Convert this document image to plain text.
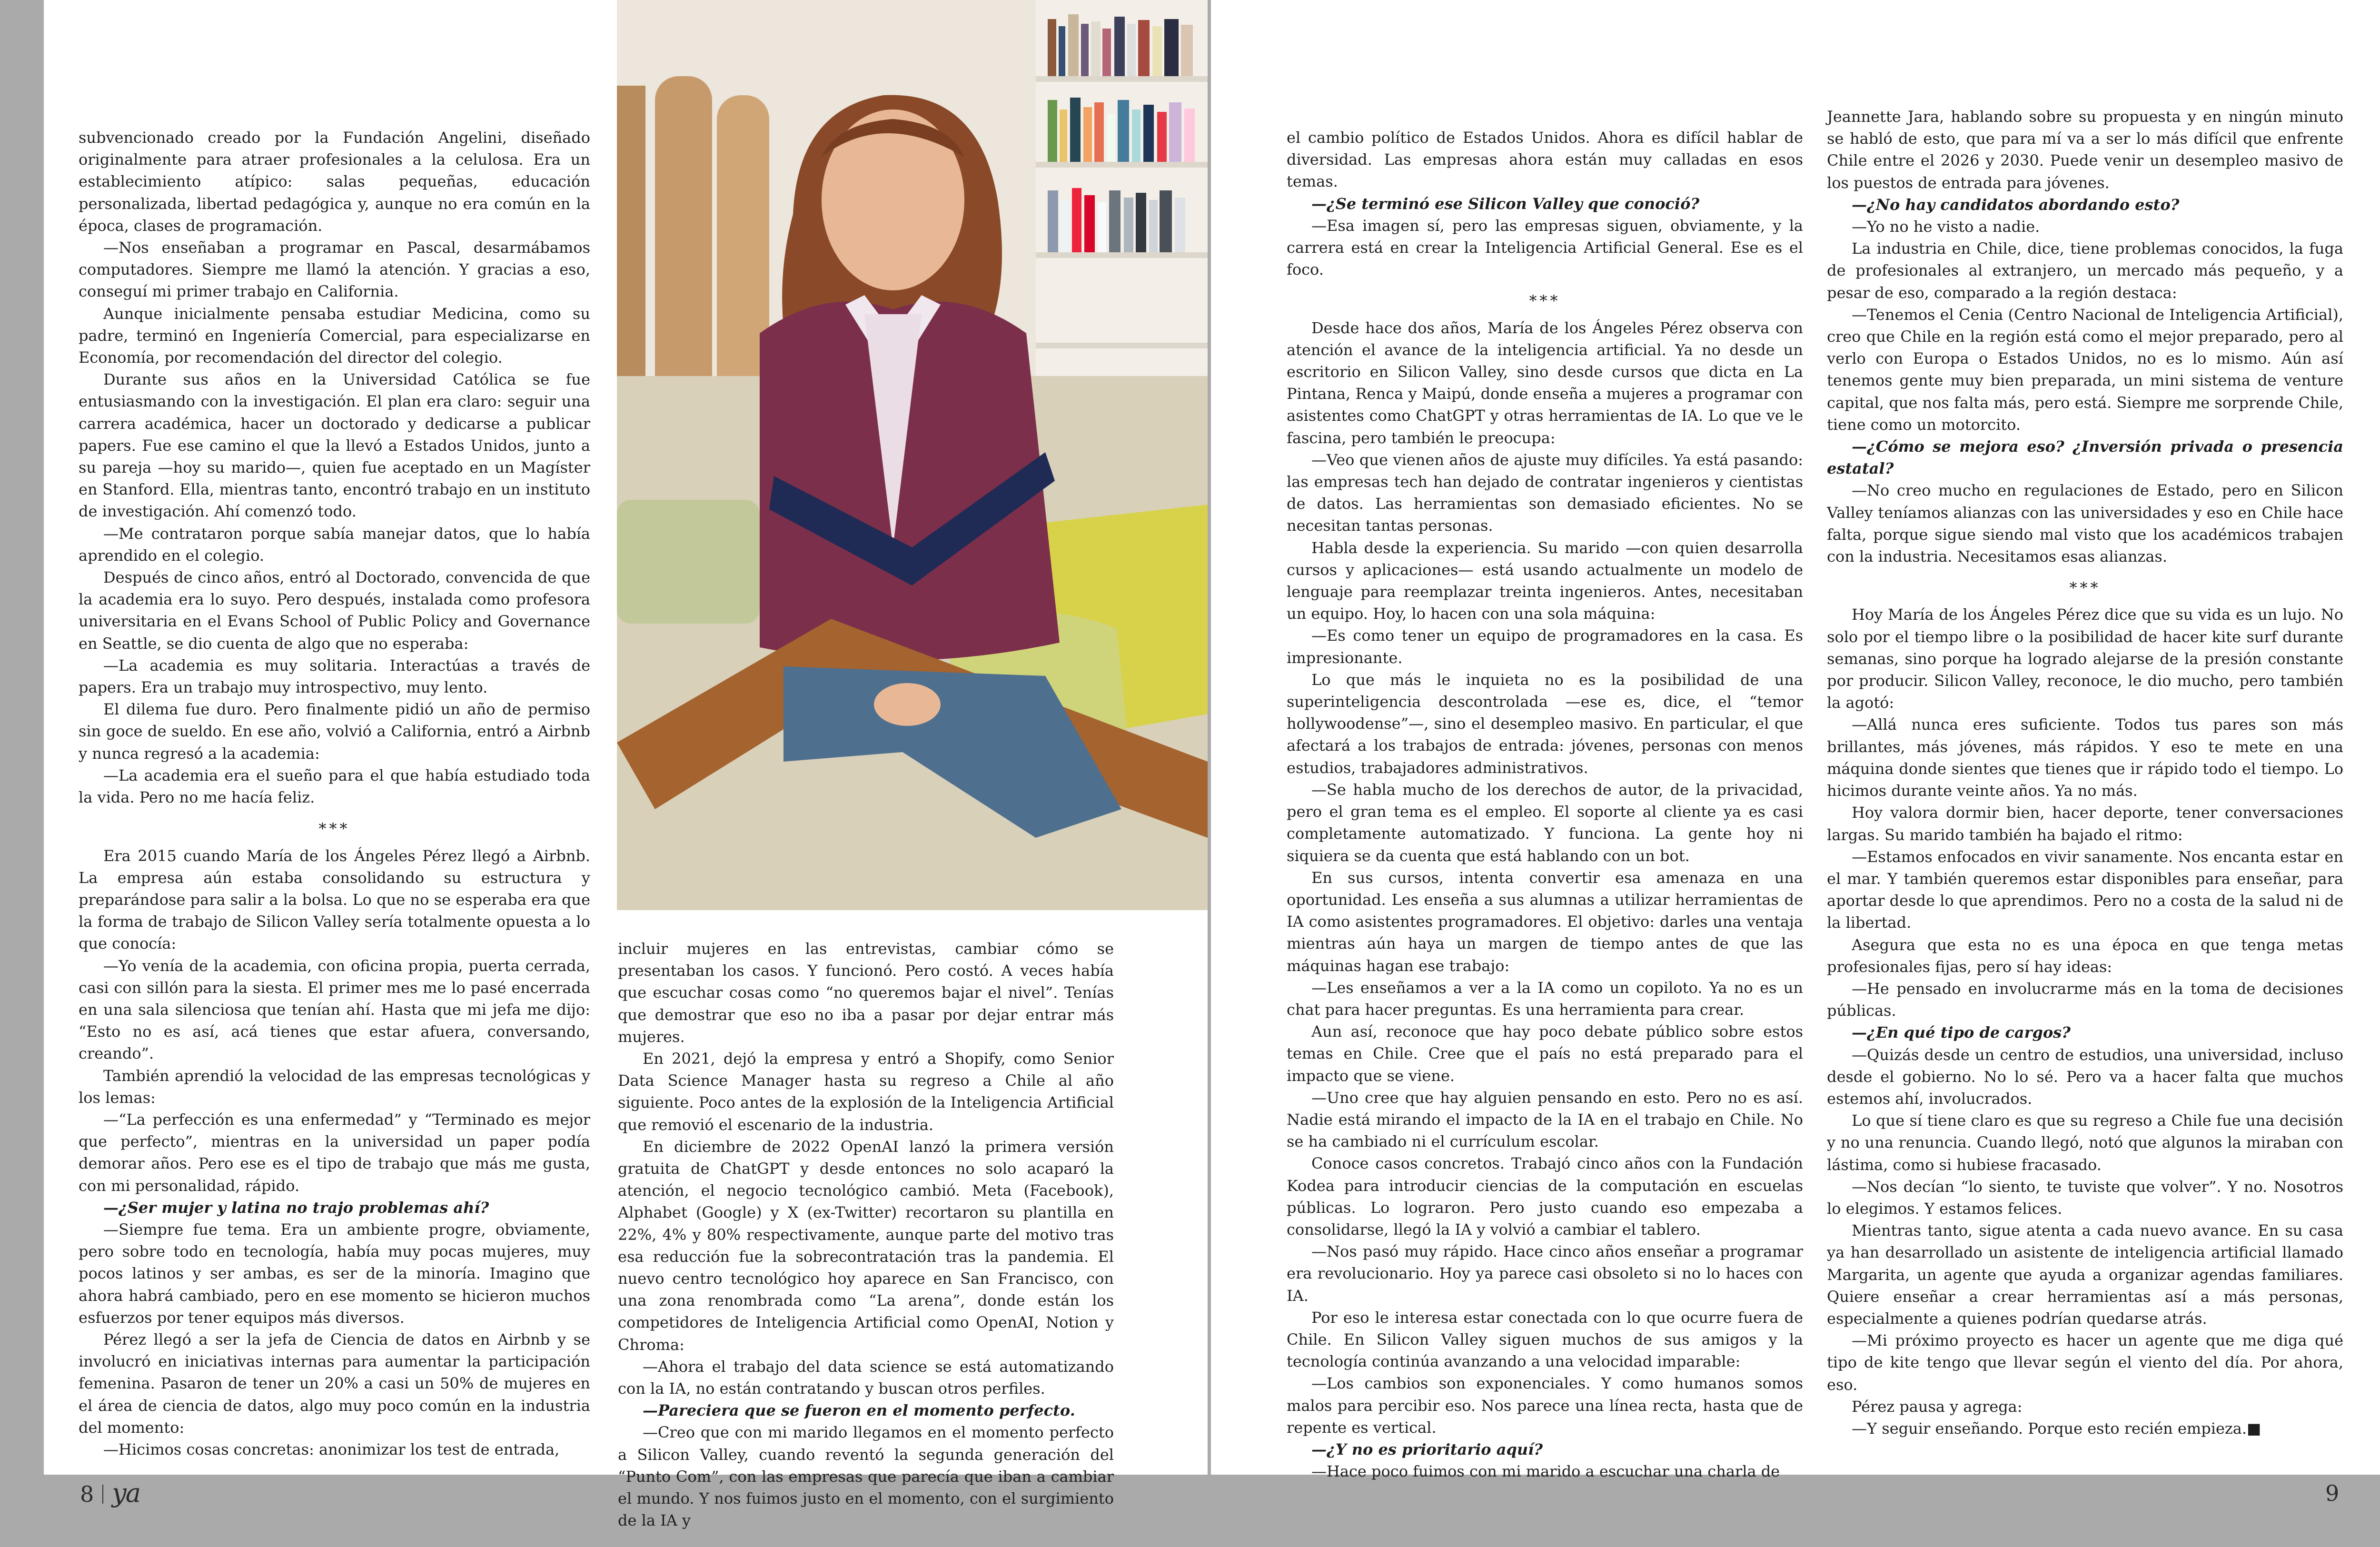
subvencionado creado por la Fundación Angelini, diseñado originalmente para atraer profesionales a la celulosa. Era un establecimiento atípico: salas pequeñas, educación personalizada, libertad pedagógica y, aunque no era común en la época, clases de programación.

—Nos enseñaban a programar en Pascal, desarmábamos computadores. Siempre me llamó la atención. Y gracias a eso, conseguí mi primer trabajo en California.

Aunque inicialmente pensaba estudiar Medicina, como su padre, terminó en Ingeniería Comercial, para especializarse en Economía, por recomendación del director del colegio.

Durante sus años en la Universidad Católica se fue entusiasmando con la investigación. El plan era claro: seguir una carrera académica, hacer un doctorado y dedicarse a publicar papers. Fue ese camino el que la llevó a Estados Unidos, junto a su pareja —hoy su marido—, quien fue aceptado en un Magíster en Stanford. Ella, mientras tanto, encontró trabajo en un instituto de investigación. Ahí comenzó todo.

—Me contrataron porque sabía manejar datos, que lo había aprendido en el colegio.

Después de cinco años, entró al Doctorado, convencida de que la academia era lo suyo. Pero después, instalada como profesora universitaria en el Evans School of Public Policy and Governance en Seattle, se dio cuenta de algo que no esperaba:

—La academia es muy solitaria. Interactúas a través de papers. Era un trabajo muy introspectivo, muy lento.

El dilema fue duro. Pero finalmente pidió un año de permiso sin goce de sueldo. En ese año, volvió a California, entró a Airbnb y nunca regresó a la academia:

—La academia era el sueño para el que había estudiado toda la vida. Pero no me hacía feliz.

***

Era 2015 cuando María de los Ángeles Pérez llegó a Airbnb. La empresa aún estaba consolidando su estructura y preparándose para salir a la bolsa. Lo que no se esperaba era que la forma de trabajo de Silicon Valley sería totalmente opuesta a lo que conocía:

—Yo venía de la academia, con oficina propia, puerta cerrada, casi con sillón para la siesta. El primer mes me lo pasé encerrada en una sala silenciosa que tenían ahí. Hasta que mi jefa me dijo: “Esto no es así, acá tienes que estar afuera, conversando, creando”.

También aprendió la velocidad de las empresas tecnológicas y los lemas:

—“La perfección es una enfermedad” y “Terminado es mejor que perfecto”, mientras en la universidad un paper podía demorar años. Pero ese es el tipo de trabajo que más me gusta, con mi personalidad, rápido.

—¿Ser mujer y latina no trajo problemas ahí?

—Siempre fue tema. Era un ambiente progre, obviamente, pero sobre todo en tecnología, había muy pocas mujeres, muy pocos latinos y ser ambas, es ser de la minoría. Imagino que ahora habrá cambiado, pero en ese momento se hicieron muchos esfuerzos por tener equipos más diversos.

Pérez llegó a ser la jefa de Ciencia de datos en Airbnb y se involucró en iniciativas internas para aumentar la participación femenina. Pasaron de tener un 20% a casi un 50% de mujeres en el área de ciencia de datos, algo muy poco común en la industria del momento:

—Hicimos cosas concretas: anonimizar los test de entrada,

incluir mujeres en las entrevistas, cambiar cómo se presentaban los casos. Y funcionó. Pero costó. A veces había que escuchar cosas como “no queremos bajar el nivel”. Tenías que demostrar que eso no iba a pasar por dejar entrar más mujeres.

En 2021, dejó la empresa y entró a Shopify, como Senior Data Science Manager hasta su regreso a Chile al año siguiente. Poco antes de la explosión de la Inteligencia Artificial que removió el escenario de la industria.

En diciembre de 2022 OpenAI lanzó la primera versión gratuita de ChatGPT y desde entonces no solo acaparó la atención, el negocio tecnológico cambió. Meta (Facebook), Alphabet (Google) y X (ex-Twitter) recortaron su plantilla en 22%, 4% y 80% respectivamente, aunque parte del motivo tras esa reducción fue la sobrecontratación tras la pandemia. El nuevo centro tecnológico hoy aparece en San Francisco, con una zona renombrada como “La arena”, donde están los competidores de Inteligencia Artificial como OpenAI, Notion y Chroma:

—Ahora el trabajo del data science se está automatizando con la IA, no están contratando y buscan otros perfiles.

—Pareciera que se fueron en el momento perfecto.

—Creo que con mi marido llegamos en el momento perfecto a Silicon Valley, cuando reventó la segunda generación del “Punto Com”, con las empresas que parecía que iban a cambiar el mundo. Y nos fuimos justo en el momento, con el surgimiento de la IA y

el cambio político de Estados Unidos. Ahora es difícil hablar de diversidad. Las empresas ahora están muy calladas en esos temas.

—¿Se terminó ese Silicon Valley que conoció?

—Esa imagen sí, pero las empresas siguen, obviamente, y la carrera está en crear la Inteligencia Artificial General. Ese es el foco.

***

Desde hace dos años, María de los Ángeles Pérez observa con atención el avance de la inteligencia artificial. Ya no desde un escritorio en Silicon Valley, sino desde cursos que dicta en La Pintana, Renca y Maipú, donde enseña a mujeres a programar con asistentes como ChatGPT y otras herramientas de IA. Lo que ve le fascina, pero también le preocupa:

—Veo que vienen años de ajuste muy difíciles. Ya está pasando: las empresas tech han dejado de contratar ingenieros y cientistas de datos. Las herramientas son demasiado eficientes. No se necesitan tantas personas.

Habla desde la experiencia. Su marido —con quien desarrolla cursos y aplicaciones— está usando actualmente un modelo de lenguaje para reemplazar treinta ingenieros. Antes, necesitaban un equipo. Hoy, lo hacen con una sola máquina:

—Es como tener un equipo de programadores en la casa. Es impresionante.

Lo que más le inquieta no es la posibilidad de una superinteligencia descontrolada —ese es, dice, el “temor hollywoodense”—, sino el desempleo masivo. En particular, el que afectará a los trabajos de entrada: jóvenes, personas con menos estudios, trabajadores administrativos.

—Se habla mucho de los derechos de autor, de la privacidad, pero el gran tema es el empleo. El soporte al cliente ya es casi completamente automatizado. Y funciona. La gente hoy ni siquiera se da cuenta que está hablando con un bot.

En sus cursos, intenta convertir esa amenaza en una oportunidad. Les enseña a sus alumnas a utilizar herramientas de IA como asistentes programadores. El objetivo: darles una ventaja mientras aún haya un margen de tiempo antes de que las máquinas hagan ese trabajo:

—Les enseñamos a ver a la IA como un copiloto. Ya no es un chat para hacer preguntas. Es una herramienta para crear.

Aun así, reconoce que hay poco debate público sobre estos temas en Chile. Cree que el país no está preparado para el impacto que se viene.

—Uno cree que hay alguien pensando en esto. Pero no es así. Nadie está mirando el impacto de la IA en el trabajo en Chile. No se ha cambiado ni el currículum escolar.

Conoce casos concretos. Trabajó cinco años con la Fundación Kodea para introducir ciencias de la computación en escuelas públicas. Lo lograron. Pero justo cuando eso empezaba a consolidarse, llegó la IA y volvió a cambiar el tablero.

—Nos pasó muy rápido. Hace cinco años enseñar a programar era revolucionario. Hoy ya parece casi obsoleto si no lo haces con IA.

Por eso le interesa estar conectada con lo que ocurre fuera de Chile. En Silicon Valley siguen muchos de sus amigos y la tecnología continúa avanzando a una velocidad imparable:

—Los cambios son exponenciales. Y como humanos somos malos para percibir eso. Nos parece una línea recta, hasta que de repente es vertical.

—¿Y no es prioritario aquí?

—Hace poco fuimos con mi marido a escuchar una charla de

Jeannette Jara, hablando sobre su propuesta y en ningún minuto se habló de esto, que para mí va a ser lo más difícil que enfrente Chile entre el 2026 y 2030. Puede venir un desempleo masivo de los puestos de entrada para jóvenes.

—¿No hay candidatos abordando esto?

—Yo no he visto a nadie.

La industria en Chile, dice, tiene problemas conocidos, la fuga de profesionales al extranjero, un mercado más pequeño, y a pesar de eso, comparado a la región destaca:

—Tenemos el Cenia (Centro Nacional de Inteligencia Artificial), creo que Chile en la región está como el mejor preparado, pero al verlo con Europa o Estados Unidos, no es lo mismo. Aún así tenemos gente muy bien preparada, un mini sistema de venture capital, que nos falta más, pero está. Siempre me sorprende Chile, tiene como un motorcito.

—¿Cómo se mejora eso? ¿Inversión privada o presencia estatal?

—No creo mucho en regulaciones de Estado, pero en Silicon Valley teníamos alianzas con las universidades y eso en Chile hace falta, porque sigue siendo mal visto que los académicos trabajen con la industria. Necesitamos esas alianzas.

***

Hoy María de los Ángeles Pérez dice que su vida es un lujo. No solo por el tiempo libre o la posibilidad de hacer kite surf durante semanas, sino porque ha logrado alejarse de la presión constante por producir. Silicon Valley, reconoce, le dio mucho, pero también la agotó:

—Allá nunca eres suficiente. Todos tus pares son más brillantes, más jóvenes, más rápidos. Y eso te mete en una máquina donde sientes que tienes que ir rápido todo el tiempo. Lo hicimos durante veinte años. Ya no más.

Hoy valora dormir bien, hacer deporte, tener conversaciones largas. Su marido también ha bajado el ritmo:

—Estamos enfocados en vivir sanamente. Nos encanta estar en el mar. Y también queremos estar disponibles para enseñar, para aportar desde lo que aprendimos. Pero no a costa de la salud ni de la libertad.

Asegura que esta no es una época en que tenga metas profesionales fijas, pero sí hay ideas:

—He pensado en involucrarme más en la toma de decisiones públicas.

—¿En qué tipo de cargos?

—Quizás desde un centro de estudios, una universidad, incluso desde el gobierno. No lo sé. Pero va a hacer falta que muchos estemos ahí, involucrados.

Lo que sí tiene claro es que su regreso a Chile fue una decisión y no una renuncia. Cuando llegó, notó que algunos la miraban con lástima, como si hubiese fracasado.

—Nos decían “lo siento, te tuviste que volver”. Y no. Nosotros lo elegimos. Y estamos felices.

Mientras tanto, sigue atenta a cada nuevo avance. En su casa ya han desarrollado un asistente de inteligencia artificial llamado Margarita, un agente que ayuda a organizar agendas familiares. Quiere enseñar a crear herramientas así a más personas, especialmente a quienes podrían quedarse atrás.

—Mi próximo proyecto es hacer un agente que me diga qué tipo de kite tengo que llevar según el viento del día. Por ahora, eso.

Pérez pausa y agrega:

—Y seguir enseñando. Porque esto recién empieza.■

8 ya	9
